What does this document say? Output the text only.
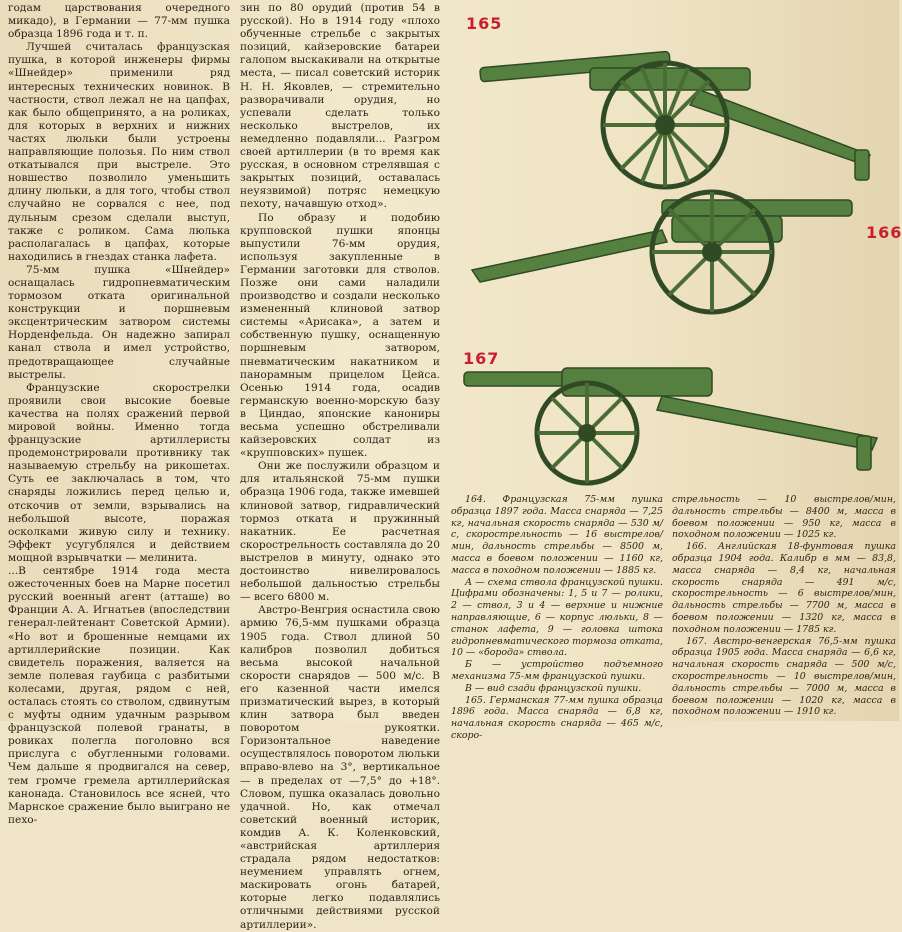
годам царствования очередного микадо), в Германии — 77-мм пушка образца 1896 года и т. п.

Лучшей считалась французская пушка, в которой инженеры фирмы «Шнейдер» применили ряд интересных технических новинок. В частности, ствол лежал не на цапфах, как было общепринято, а на роликах, для которых в верхних и нижних частях люльки были устроены направляющие полозья. По ним ствол откатывался при выстреле. Это новшество позволило уменьшить длину люльки, а для того, чтобы ствол случайно не сорвался с нее, под дульным срезом сделали выступ, также с роликом. Сама люлька располагалась в цапфах, которые находились в гнездах станка лафета.

75-мм пушка «Шнейдер» оснащалась гидропневматическим тормозом отката оригинальной конструкции и поршневым эксцентрическим затвором системы Норденфельда. Он надежно запирал канал ствола и имел устройство, предотвращающее случайные выстрелы.

Французские скорострелки проявили свои высокие боевые качества на полях сражений первой мировой войны. Именно тогда французские артиллеристы продемонстрировали противнику так называемую стрельбу на рикошетах. Суть ее заключалась в том, что снаряды ложились перед целью и, отскочив от земли, взрывались на небольшой высоте, поражая осколками живую силу и технику. Эффект усугублялся и действием мощной взрывчатки — мелинита.

...В сентябре 1914 года места ожесточенных боев на Марне посетил русский военный агент (атташе) во Франции А. А. Игнатьев (впоследствии генерал-лейтенант Советской Армии). «Но вот и брошенные немцами их артиллерийские позиции. Как свидетель поражения, валяется на земле полевая гаубица с разбитыми колесами, другая, рядом с ней, осталась стоять со стволом, сдвинутым с муфты одним удачным разрывом французской полевой гранаты, в ровиках полегла поголовно вся прислуга с обугленными головами. Чем дальше я продвигался на север, тем громче гремела артиллерийская канонада. Становилось все ясней, что Марнское сражение было выиграно не пехо-

зин по 80 орудий (против 54 в русской). Но в 1914 году «плохо обученные стрельбе с закрытых позиций, кайзеровские батареи галопом выскакивали на открытые места, — писал советский историк Н. Н. Яковлев, — стремительно разворачивали орудия, но успевали сделать только несколько выстрелов, их немедленно подавляли... Разгром своей артиллерии (в то время как русская, в основном стрелявшая с закрытых позиций, оставалась неуязвимой) потряс немецкую пехоту, начавшую отход».

По образу и подобию крупповской пушки японцы выпустили 76-мм орудия, используя закупленные в Германии заготовки для стволов. Позже они сами наладили производство и создали несколько измененный клиновой затвор системы «Арисака», а затем и собственную пушку, оснащенную поршневым затвором, пневматическим накатником и панорамным прицелом Цейса. Осенью 1914 года, осадив германскую военно-морскую базу в Циндао, японские канониры весьма успешно обстреливали кайзеровских солдат из «крупповских» пушек.

Они же послужили образцом и для итальянской 75-мм пушки образца 1906 года, также имевшей клиновой затвор, гидравлический тормоз отката и пружинный накатник. Ее расчетная скорострельность составляла до 20 выстрелов в минуту, однако это достоинство нивелировалось небольшой дальностью стрельбы — всего 6800 м.

Австро-Венгрия оснастила свою армию 76,5-мм пушками образца 1905 года. Ствол длиной 50 калибров позволил добиться весьма высокой начальной скорости снарядов — 500 м/с. В его казенной части имелся призматический вырез, в который клин затвора был введен поворотом рукоятки. Горизонтальное наведение осуществлялось поворотом люльки вправо-влево на 3°, вертикальное — в пределах от —7,5° до +18°. Словом, пушка оказалась довольно удачной. Но, как отмечал советский военный историк, комдив А. К. Коленковский, «австрийская артиллерия страдала рядом недостатков: неумением управлять огнем, маскировать огонь батарей, которые легко подавлялись отличными действиями русской артиллерии».

165
166
167

164. Французская 75-мм пушка образца 1897 года. Масса снаряда — 7,25 кг, начальная скорость снаряда — 530 м/с, скорострельность — 16 выстрелов/мин, дальность стрельбы — 8500 м, масса в боевом положении — 1160 кг, масса в походном положении — 1885 кг.

А — схема ствола французской пушки. Цифрами обозначены: 1, 5 и 7 — ролики, 2 — ствол, 3 и 4 — верхние и нижние направляющие, 6 — корпус люльки, 8 — станок лафета, 9 — головка штока гидропневматического тормоза отката, 10 — «борода» ствола.

Б — устройство подъемного механизма 75-мм французской пушки.

В — вид сзади французской пушки.

165. Германская 77-мм пушка образца 1896 года. Масса снаряда — 6,8 кг, начальная скорость снаряда — 465 м/с, скоро-

стрельность — 10 выстрелов/мин, дальность стрельбы — 8400 м, масса в боевом положении — 950 кг, масса в походном положении — 1025 кг.

166. Английская 18-фунтовая пушка образца 1904 года. Калибр в мм — 83,8, масса снаряда — 8,4 кг, начальная скорость снаряда — 491 м/с, скорострельность — 6 выстрелов/мин, дальность стрельбы — 7700 м, масса в боевом положении — 1320 кг, масса в походном положении — 1785 кг.

167. Австро-венгерская 76,5-мм пушка образца 1905 года. Масса снаряда — 6,6 кг, начальная скорость снаряда — 500 м/с, скорострельность — 10 выстрелов/мин, дальность стрельбы — 7000 м, масса в боевом положении — 1020 кг, масса в походном положении — 1910 кг.
